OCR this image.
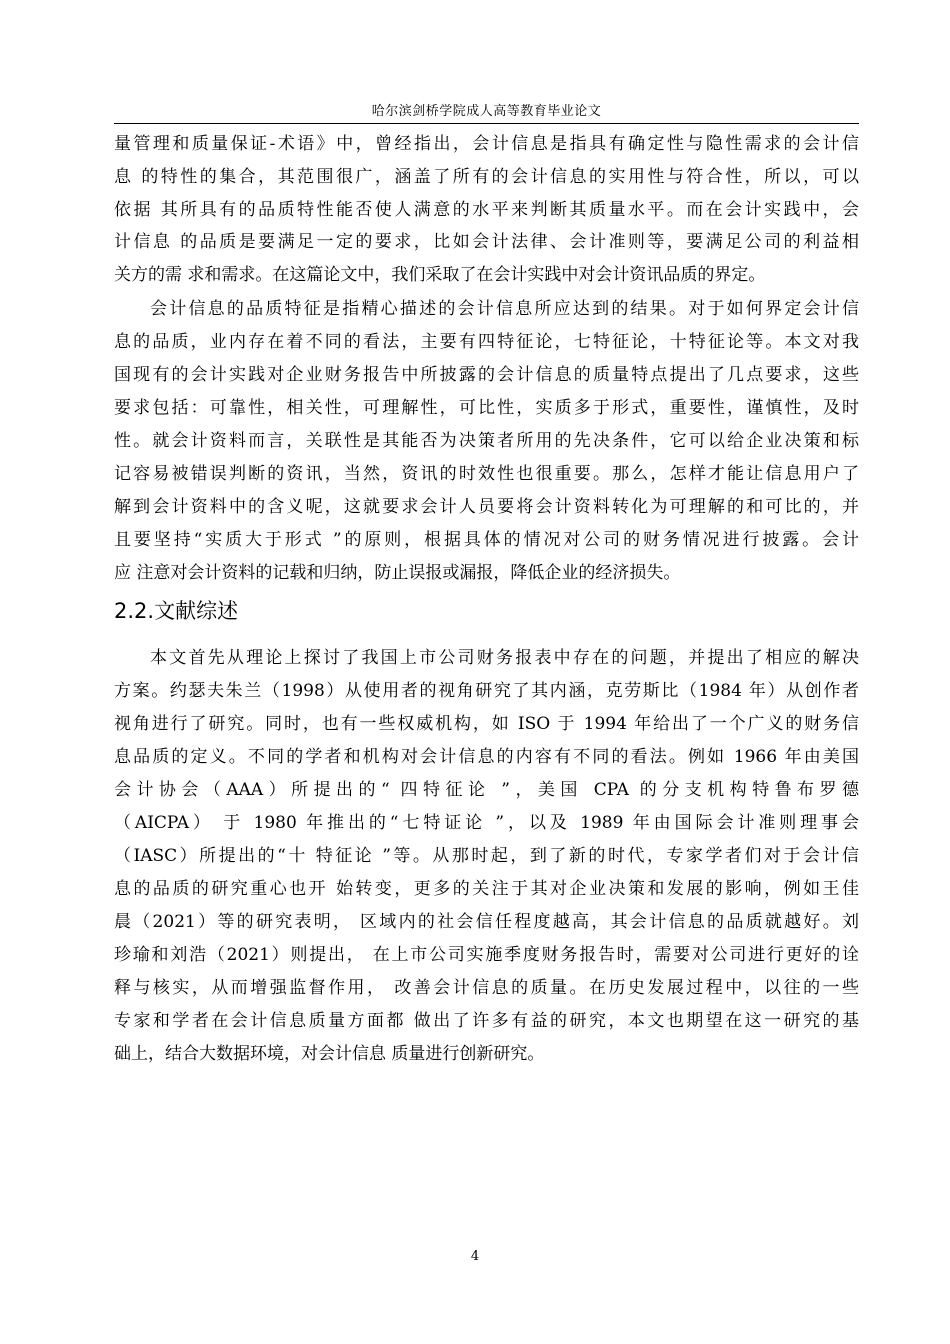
哈尔滨剑桥学院成人高等教育毕业论文
量管理和质量保证-术语》中，曾经指出，会计信息是指具有确定性与隐性需求的会计信
息 的特性的集合，其范围很广，涵盖了所有的会计信息的实用性与符合性，所以，可以
依据 其所具有的品质特性能否使人满意的水平来判断其质量水平。而在会计实践中，会
计信息 的品质是要满足一定的要求，比如会计法律、会计准则等，要满足公司的利益相
关方的需 求和需求。在这篇论文中，我们采取了在会计实践中对会计资讯品质的界定。
会计信息的品质特征是指精心描述的会计信息所应达到的结果。对于如何界定会计信
息的品质，业内存在着不同的看法，主要有四特征论，七特征论，十特征论等。本文对我
国现有的会计实践对企业财务报告中所披露的会计信息的质量特点提出了几点要求，这些
要求包括：可靠性，相关性，可理解性，可比性，实质多于形式，重要性，谨慎性，及时
性。就会计资料而言，关联性是其能否为决策者所用的先决条件，它可以给企业决策和标
记容易被错误判断的资讯，当然，资讯的时效性也很重要。那么，怎样才能让信息用户了
解到会计资料中的含义呢，这就要求会计人员要将会计资料转化为可理解的和可比的，并
且要坚持“实质大于形式 ”的原则，根据具体的情况对公司的财务情况进行披露。会计
应 注意对会计资料的记载和归纳，防止误报或漏报，降低企业的经济损失。
2.2.文献综述
本文首先从理论上探讨了我国上市公司财务报表中存在的问题，并提出了相应的解决
方案。约瑟夫朱兰（1998）从使用者的视角研究了其内涵，克劳斯比（1984 年）从创作者
视角进行了研究。同时，也有一些权威机构，如 ISO 于 1994 年给出了一个广义的财务信
息品质的定义。不同的学者和机构对会计信息的内容有不同的看法。例如 1966 年由美国
会计协会（AAA）所提出的“ 四特征论 ”，美国 CPA 的分支机构特鲁布罗德
（AICPA） 于 1980 年推出的“七特证论 ”，以及 1989 年由国际会计准则理事会
（IASC）所提出的“十 特征论 ”等。从那时起，到了新的时代，专家学者们对于会计信
息的品质的研究重心也开 始转变，更多的关注于其对企业决策和发展的影响，例如王佳
晨（2021）等的研究表明， 区域内的社会信任程度越高，其会计信息的品质就越好。刘
珍瑜和刘浩（2021）则提出， 在上市公司实施季度财务报告时，需要对公司进行更好的诠
释与核实，从而增强监督作用， 改善会计信息的质量。在历史发展过程中，以往的一些
专家和学者在会计信息质量方面都 做出了许多有益的研究，本文也期望在这一研究的基
础上，结合大数据环境，对会计信息 质量进行创新研究。
4
